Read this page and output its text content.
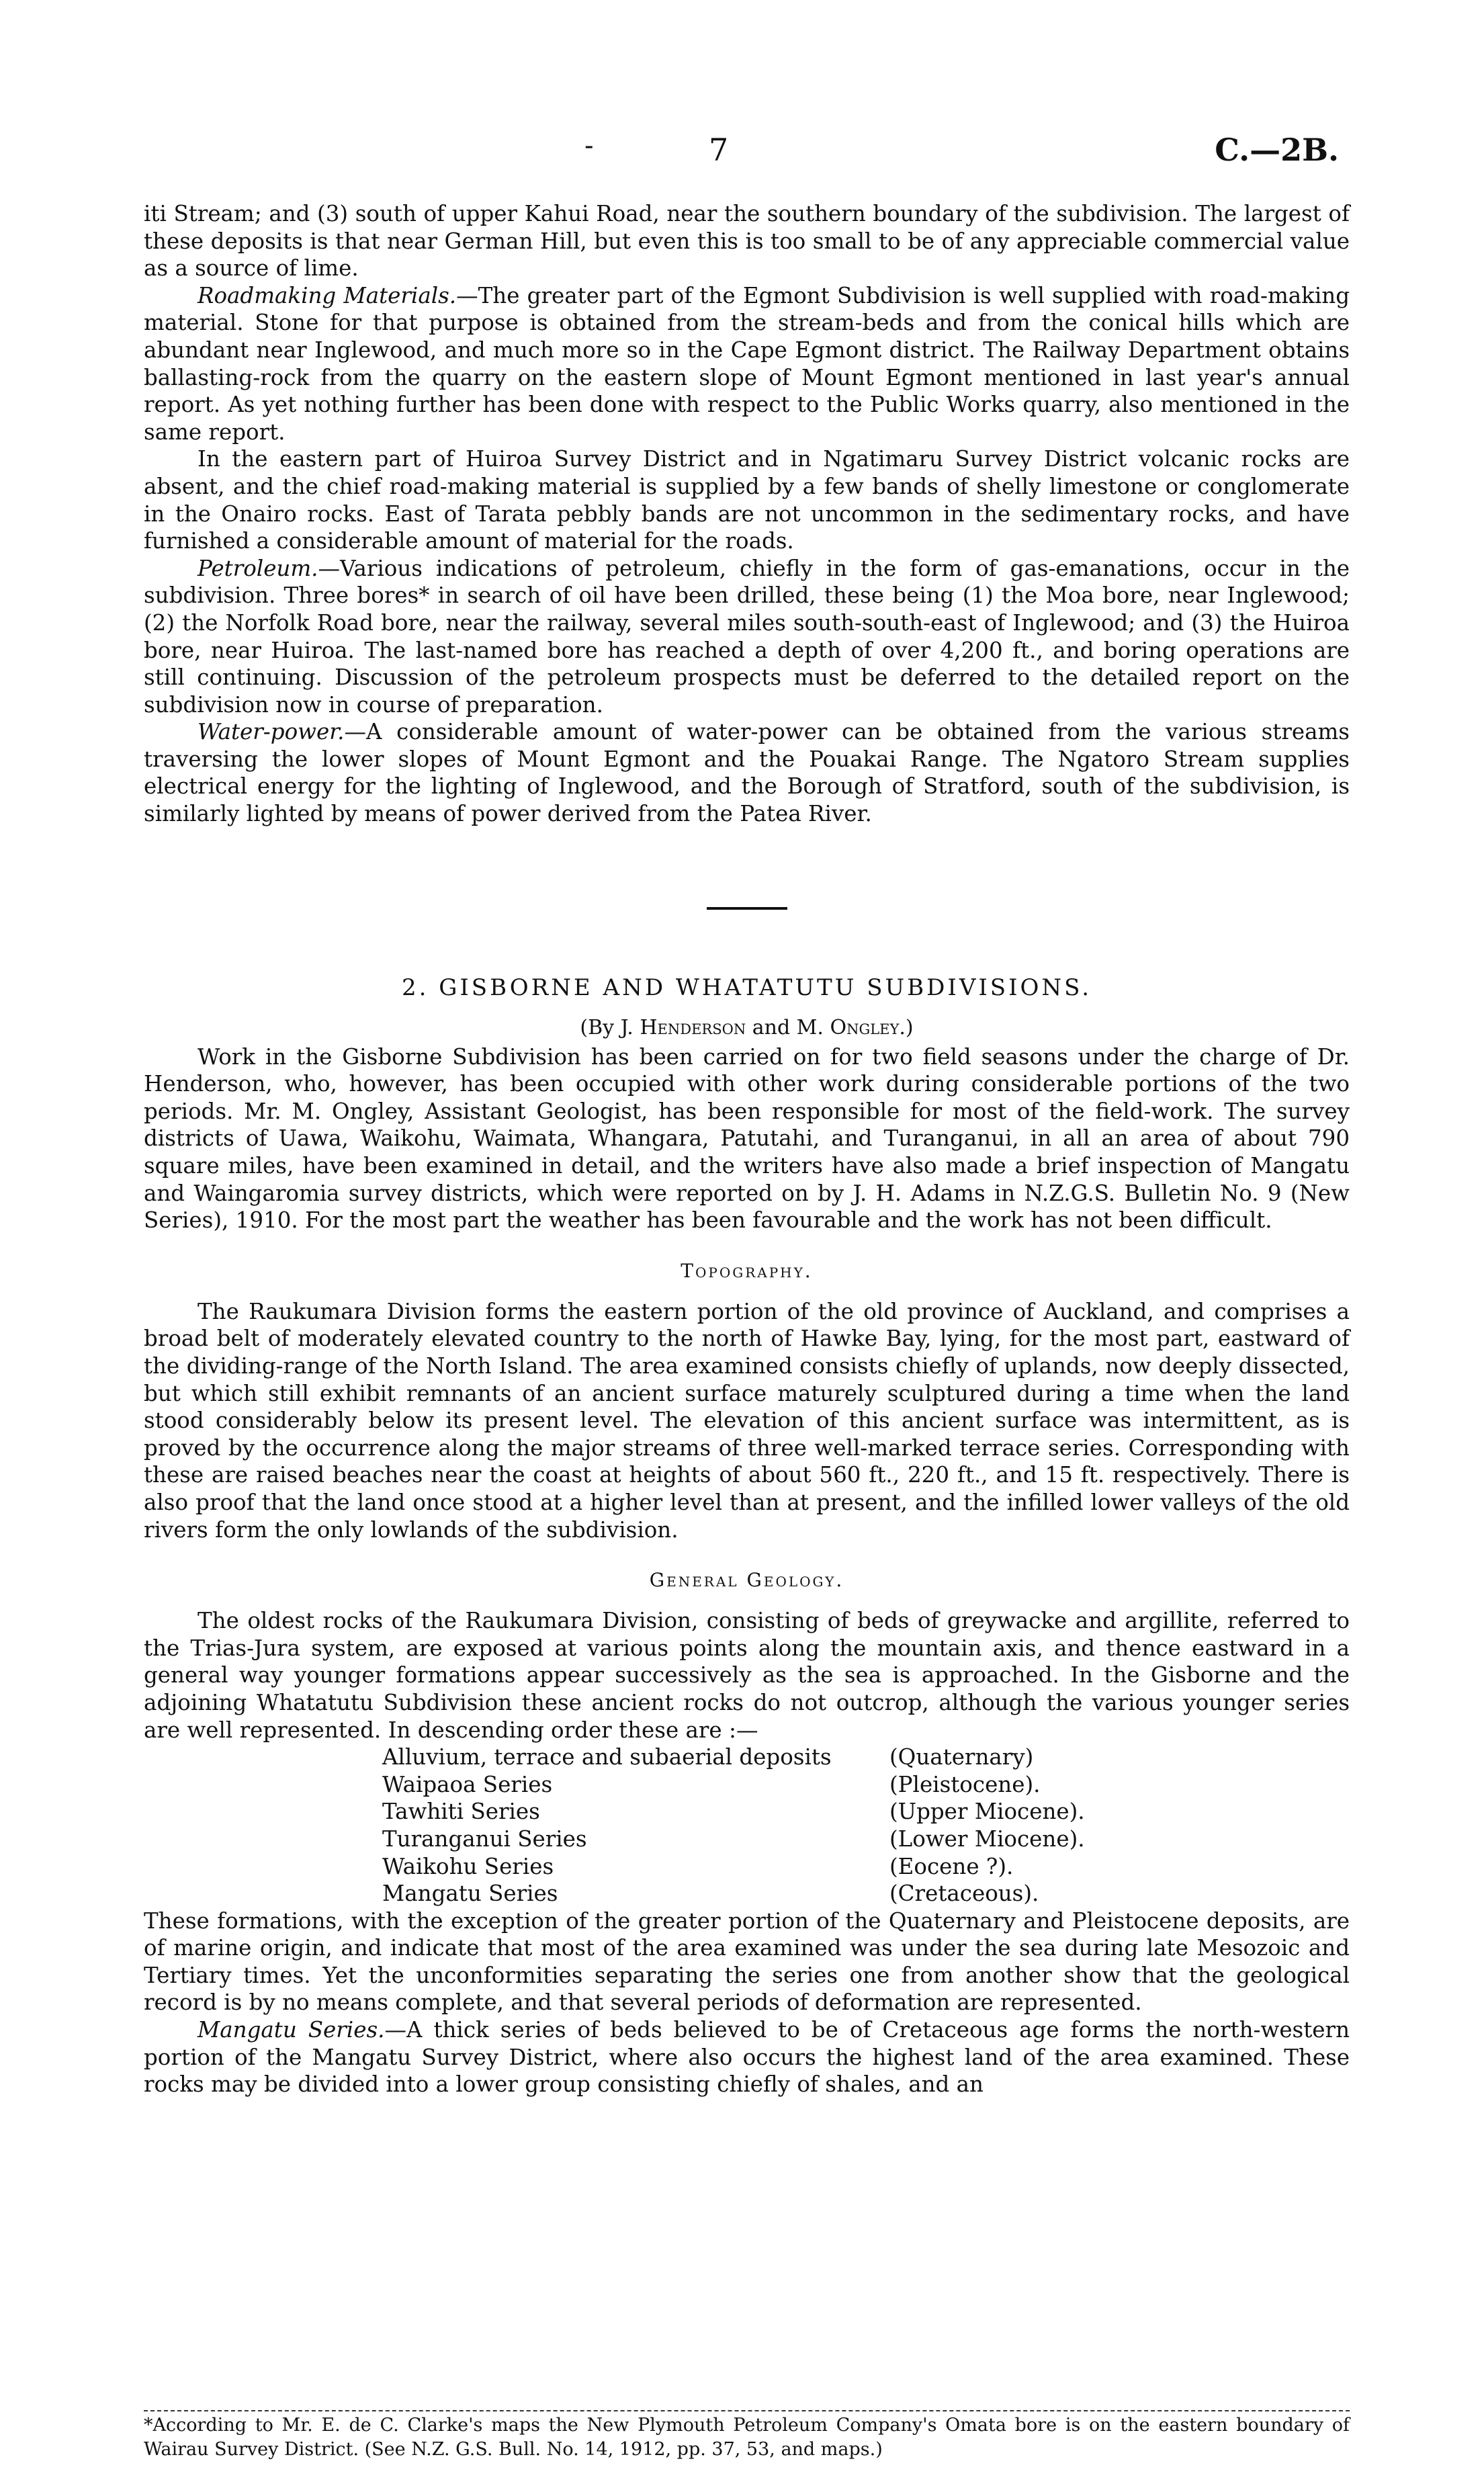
-	7	C.—2B.

iti Stream; and (3) south of upper Kahui Road, near the southern boundary of the subdivision. The largest of these deposits is that near German Hill, but even this is too small to be of any appreciable commercial value as a source of lime.

Roadmaking Materials.—The greater part of the Egmont Subdivision is well supplied with road-making material. Stone for that purpose is obtained from the stream-beds and from the conical hills which are abundant near Inglewood, and much more so in the Cape Egmont district. The Railway Department obtains ballasting-rock from the quarry on the eastern slope of Mount Egmont mentioned in last year's annual report. As yet nothing further has been done with respect to the Public Works quarry, also mentioned in the same report.

In the eastern part of Huiroa Survey District and in Ngatimaru Survey District volcanic rocks are absent, and the chief road-making material is supplied by a few bands of shelly limestone or conglomerate in the Onairo rocks. East of Tarata pebbly bands are not uncommon in the sedimentary rocks, and have furnished a considerable amount of material for the roads.

Petroleum.—Various indications of petroleum, chiefly in the form of gas-emanations, occur in the subdivision. Three bores* in search of oil have been drilled, these being (1) the Moa bore, near Inglewood; (2) the Norfolk Road bore, near the railway, several miles south-south-east of Inglewood; and (3) the Huiroa bore, near Huiroa. The last-named bore has reached a depth of over 4,200 ft., and boring operations are still continuing. Discussion of the petroleum prospects must be deferred to the detailed report on the subdivision now in course of preparation.

Water-power.—A considerable amount of water-power can be obtained from the various streams traversing the lower slopes of Mount Egmont and the Pouakai Range. The Ngatoro Stream supplies electrical energy for the lighting of Inglewood, and the Borough of Stratford, south of the subdivision, is similarly lighted by means of power derived from the Patea River.

2. GISBORNE AND WHATATUTU SUBDIVISIONS.
(By J. Henderson and M. Ongley.)

Work in the Gisborne Subdivision has been carried on for two field seasons under the charge of Dr. Henderson, who, however, has been occupied with other work during considerable portions of the two periods. Mr. M. Ongley, Assistant Geologist, has been responsible for most of the field-work. The survey districts of Uawa, Waikohu, Waimata, Whangara, Patutahi, and Turanganui, in all an area of about 790 square miles, have been examined in detail, and the writers have also made a brief inspection of Mangatu and Waingaromia survey districts, which were reported on by J. H. Adams in N.Z.G.S. Bulletin No. 9 (New Series), 1910. For the most part the weather has been favourable and the work has not been difficult.

Topography.

The Raukumara Division forms the eastern portion of the old province of Auckland, and comprises a broad belt of moderately elevated country to the north of Hawke Bay, lying, for the most part, eastward of the dividing-range of the North Island. The area examined consists chiefly of uplands, now deeply dissected, but which still exhibit remnants of an ancient surface maturely sculptured during a time when the land stood considerably below its present level. The elevation of this ancient surface was intermittent, as is proved by the occurrence along the major streams of three well-marked terrace series. Corresponding with these are raised beaches near the coast at heights of about 560 ft., 220 ft., and 15 ft. respectively. There is also proof that the land once stood at a higher level than at present, and the infilled lower valleys of the old rivers form the only lowlands of the subdivision.

General Geology.

The oldest rocks of the Raukumara Division, consisting of beds of greywacke and argillite, referred to the Trias-Jura system, are exposed at various points along the mountain axis, and thence eastward in a general way younger formations appear successively as the sea is approached. In the Gisborne and the adjoining Whatatutu Subdivision these ancient rocks do not outcrop, although the various younger series are well represented. In descending order these are :—

Alluvium, terrace and subaerial deposits	(Quaternary)
Waipaoa Series	(Pleistocene).
Tawhiti Series	(Upper Miocene).
Turanganui Series	(Lower Miocene).
Waikohu Series	(Eocene ?).
Mangatu Series	(Cretaceous).

These formations, with the exception of the greater portion of the Quaternary and Pleistocene deposits, are of marine origin, and indicate that most of the area examined was under the sea during late Mesozoic and Tertiary times. Yet the unconformities separating the series one from another show that the geological record is by no means complete, and that several periods of deformation are represented.

Mangatu Series.—A thick series of beds believed to be of Cretaceous age forms the north-western portion of the Mangatu Survey District, where also occurs the highest land of the area examined. These rocks may be divided into a lower group consisting chiefly of shales, and an

*According to Mr. E. de C. Clarke's maps the New Plymouth Petroleum Company's Omata bore is on the eastern boundary of Wairau Survey District. (See N.Z. G.S. Bull. No. 14, 1912, pp. 37, 53, and maps.)
